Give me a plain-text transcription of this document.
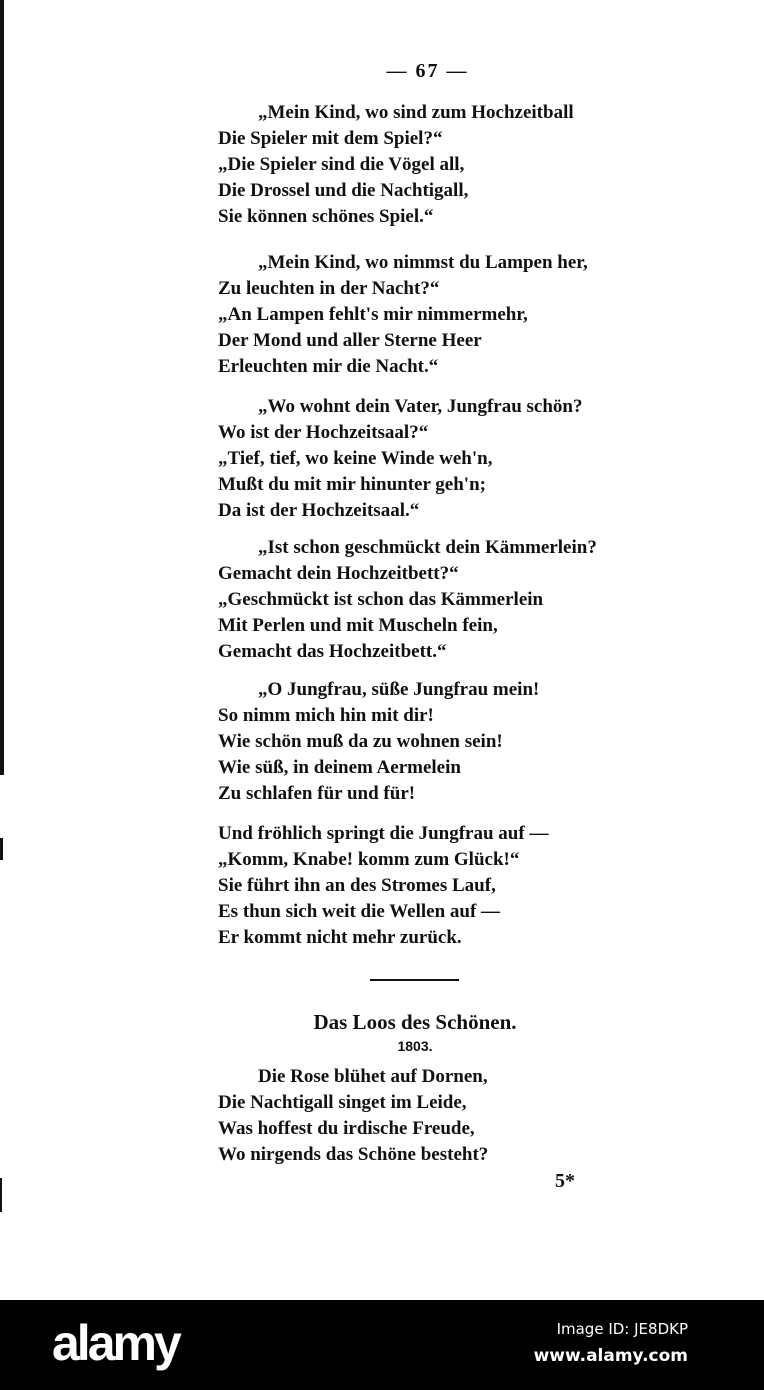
— 67 —
„Mein Kind, wo sind zum Hochzeitball
Die Spieler mit dem Spiel?“
„Die Spieler sind die Vögel all,
Die Drossel und die Nachtigall,
Sie können schönes Spiel.“
„Mein Kind, wo nimmst du Lampen her,
Zu leuchten in der Nacht?“
„An Lampen fehlt's mir nimmermehr,
Der Mond und aller Sterne Heer
Erleuchten mir die Nacht.“
„Wo wohnt dein Vater, Jungfrau schön?
Wo ist der Hochzeitsaal?“
„Tief, tief, wo keine Winde weh'n,
Mußt du mit mir hinunter geh'n;
Da ist der Hochzeitsaal.“
„Ist schon geschmückt dein Kämmerlein?
Gemacht dein Hochzeitbett?“
„Geschmückt ist schon das Kämmerlein
Mit Perlen und mit Muscheln fein,
Gemacht das Hochzeitbett.“
„O Jungfrau, süße Jungfrau mein!
So nimm mich hin mit dir!
Wie schön muß da zu wohnen sein!
Wie süß, in deinem Aermelein
Zu schlafen für und für!
Und fröhlich springt die Jungfrau auf —
„Komm, Knabe! komm zum Glück!“
Sie führt ihn an des Stromes Lauf,
Es thun sich weit die Wellen auf —
Er kommt nicht mehr zurück.
Das Loos des Schönen.
1803.
Die Rose blühet auf Dornen,
Die Nachtigall singet im Leide,
Was hoffest du irdische Freude,
Wo nirgends das Schöne besteht?
5*
alamy	Image ID: JE8DKP
www.alamy.com
